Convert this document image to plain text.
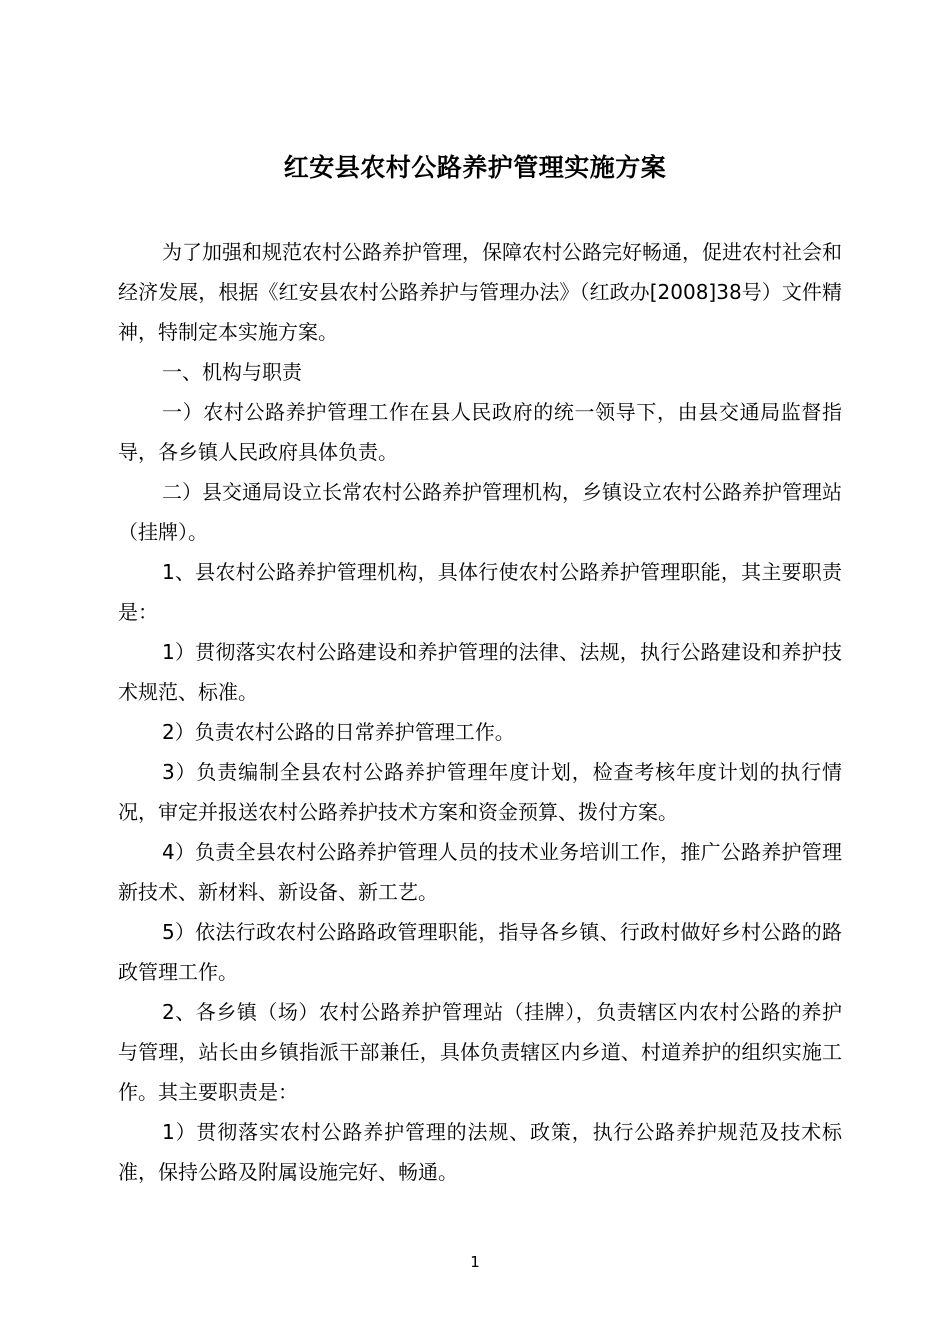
红安县农村公路养护管理实施方案

为了加强和规范农村公路养护管理，保障农村公路完好畅通，促进农村社会和经济发展，根据《红安县农村公路养护与管理办法》（红政办[2008]38号）文件精神，特制定本实施方案。

一、机构与职责

一）农村公路养护管理工作在县人民政府的统一领导下，由县交通局监督指导，各乡镇人民政府具体负责。

二）县交通局设立长常农村公路养护管理机构，乡镇设立农村公路养护管理站（挂牌）。

1、县农村公路养护管理机构，具体行使农村公路养护管理职能，其主要职责是：

1）贯彻落实农村公路建设和养护管理的法律、法规，执行公路建设和养护技术规范、标准。

2）负责农村公路的日常养护管理工作。

3）负责编制全县农村公路养护管理年度计划，检查考核年度计划的执行情况，审定并报送农村公路养护技术方案和资金预算、拨付方案。

4）负责全县农村公路养护管理人员的技术业务培训工作，推广公路养护管理新技术、新材料、新设备、新工艺。

5）依法行政农村公路路政管理职能，指导各乡镇、行政村做好乡村公路的路政管理工作。

2、各乡镇（场）农村公路养护管理站（挂牌），负责辖区内农村公路的养护与管理，站长由乡镇指派干部兼任，具体负责辖区内乡道、村道养护的组织实施工作。其主要职责是：

1）贯彻落实农村公路养护管理的法规、政策，执行公路养护规范及技术标准，保持公路及附属设施完好、畅通。

1
